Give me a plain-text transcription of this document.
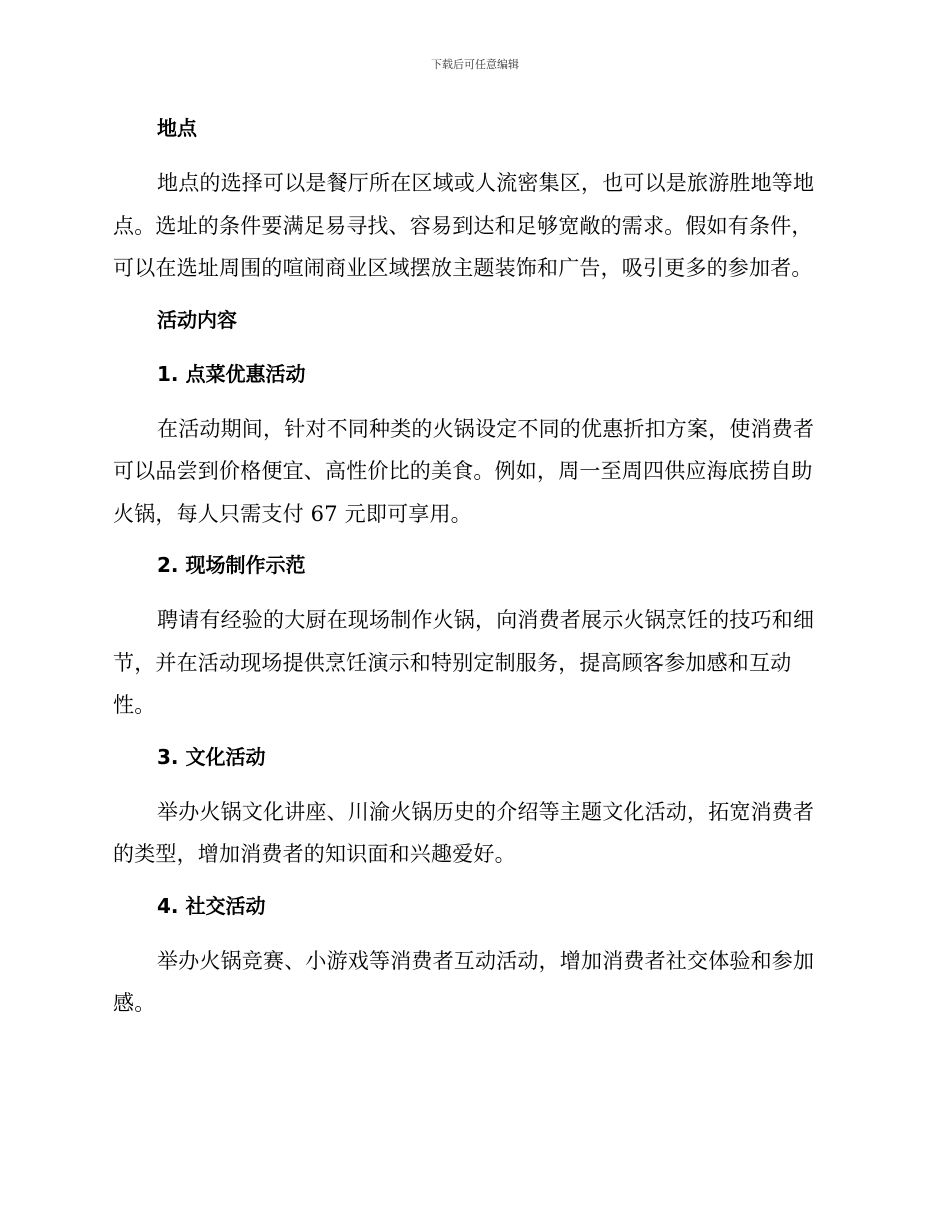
下载后可任意编辑
地点

地点的选择可以是餐厅所在区域或人流密集区，也可以是旅游胜地等地点。选址的条件要满足易寻找、容易到达和足够宽敞的需求。假如有条件，可以在选址周围的喧闹商业区域摆放主题装饰和广告，吸引更多的参加者。

活动内容
1. 点菜优惠活动

在活动期间，针对不同种类的火锅设定不同的优惠折扣方案，使消费者可以品尝到价格便宜、高性价比的美食。例如，周一至周四供应海底捞自助火锅，每人只需支付 67 元即可享用。

2. 现场制作示范

聘请有经验的大厨在现场制作火锅，向消费者展示火锅烹饪的技巧和细节，并在活动现场提供烹饪演示和特别定制服务，提高顾客参加感和互动性。

3. 文化活动

举办火锅文化讲座、川渝火锅历史的介绍等主题文化活动，拓宽消费者的类型，增加消费者的知识面和兴趣爱好。

4. 社交活动

举办火锅竞赛、小游戏等消费者互动活动，增加消费者社交体验和参加感。
